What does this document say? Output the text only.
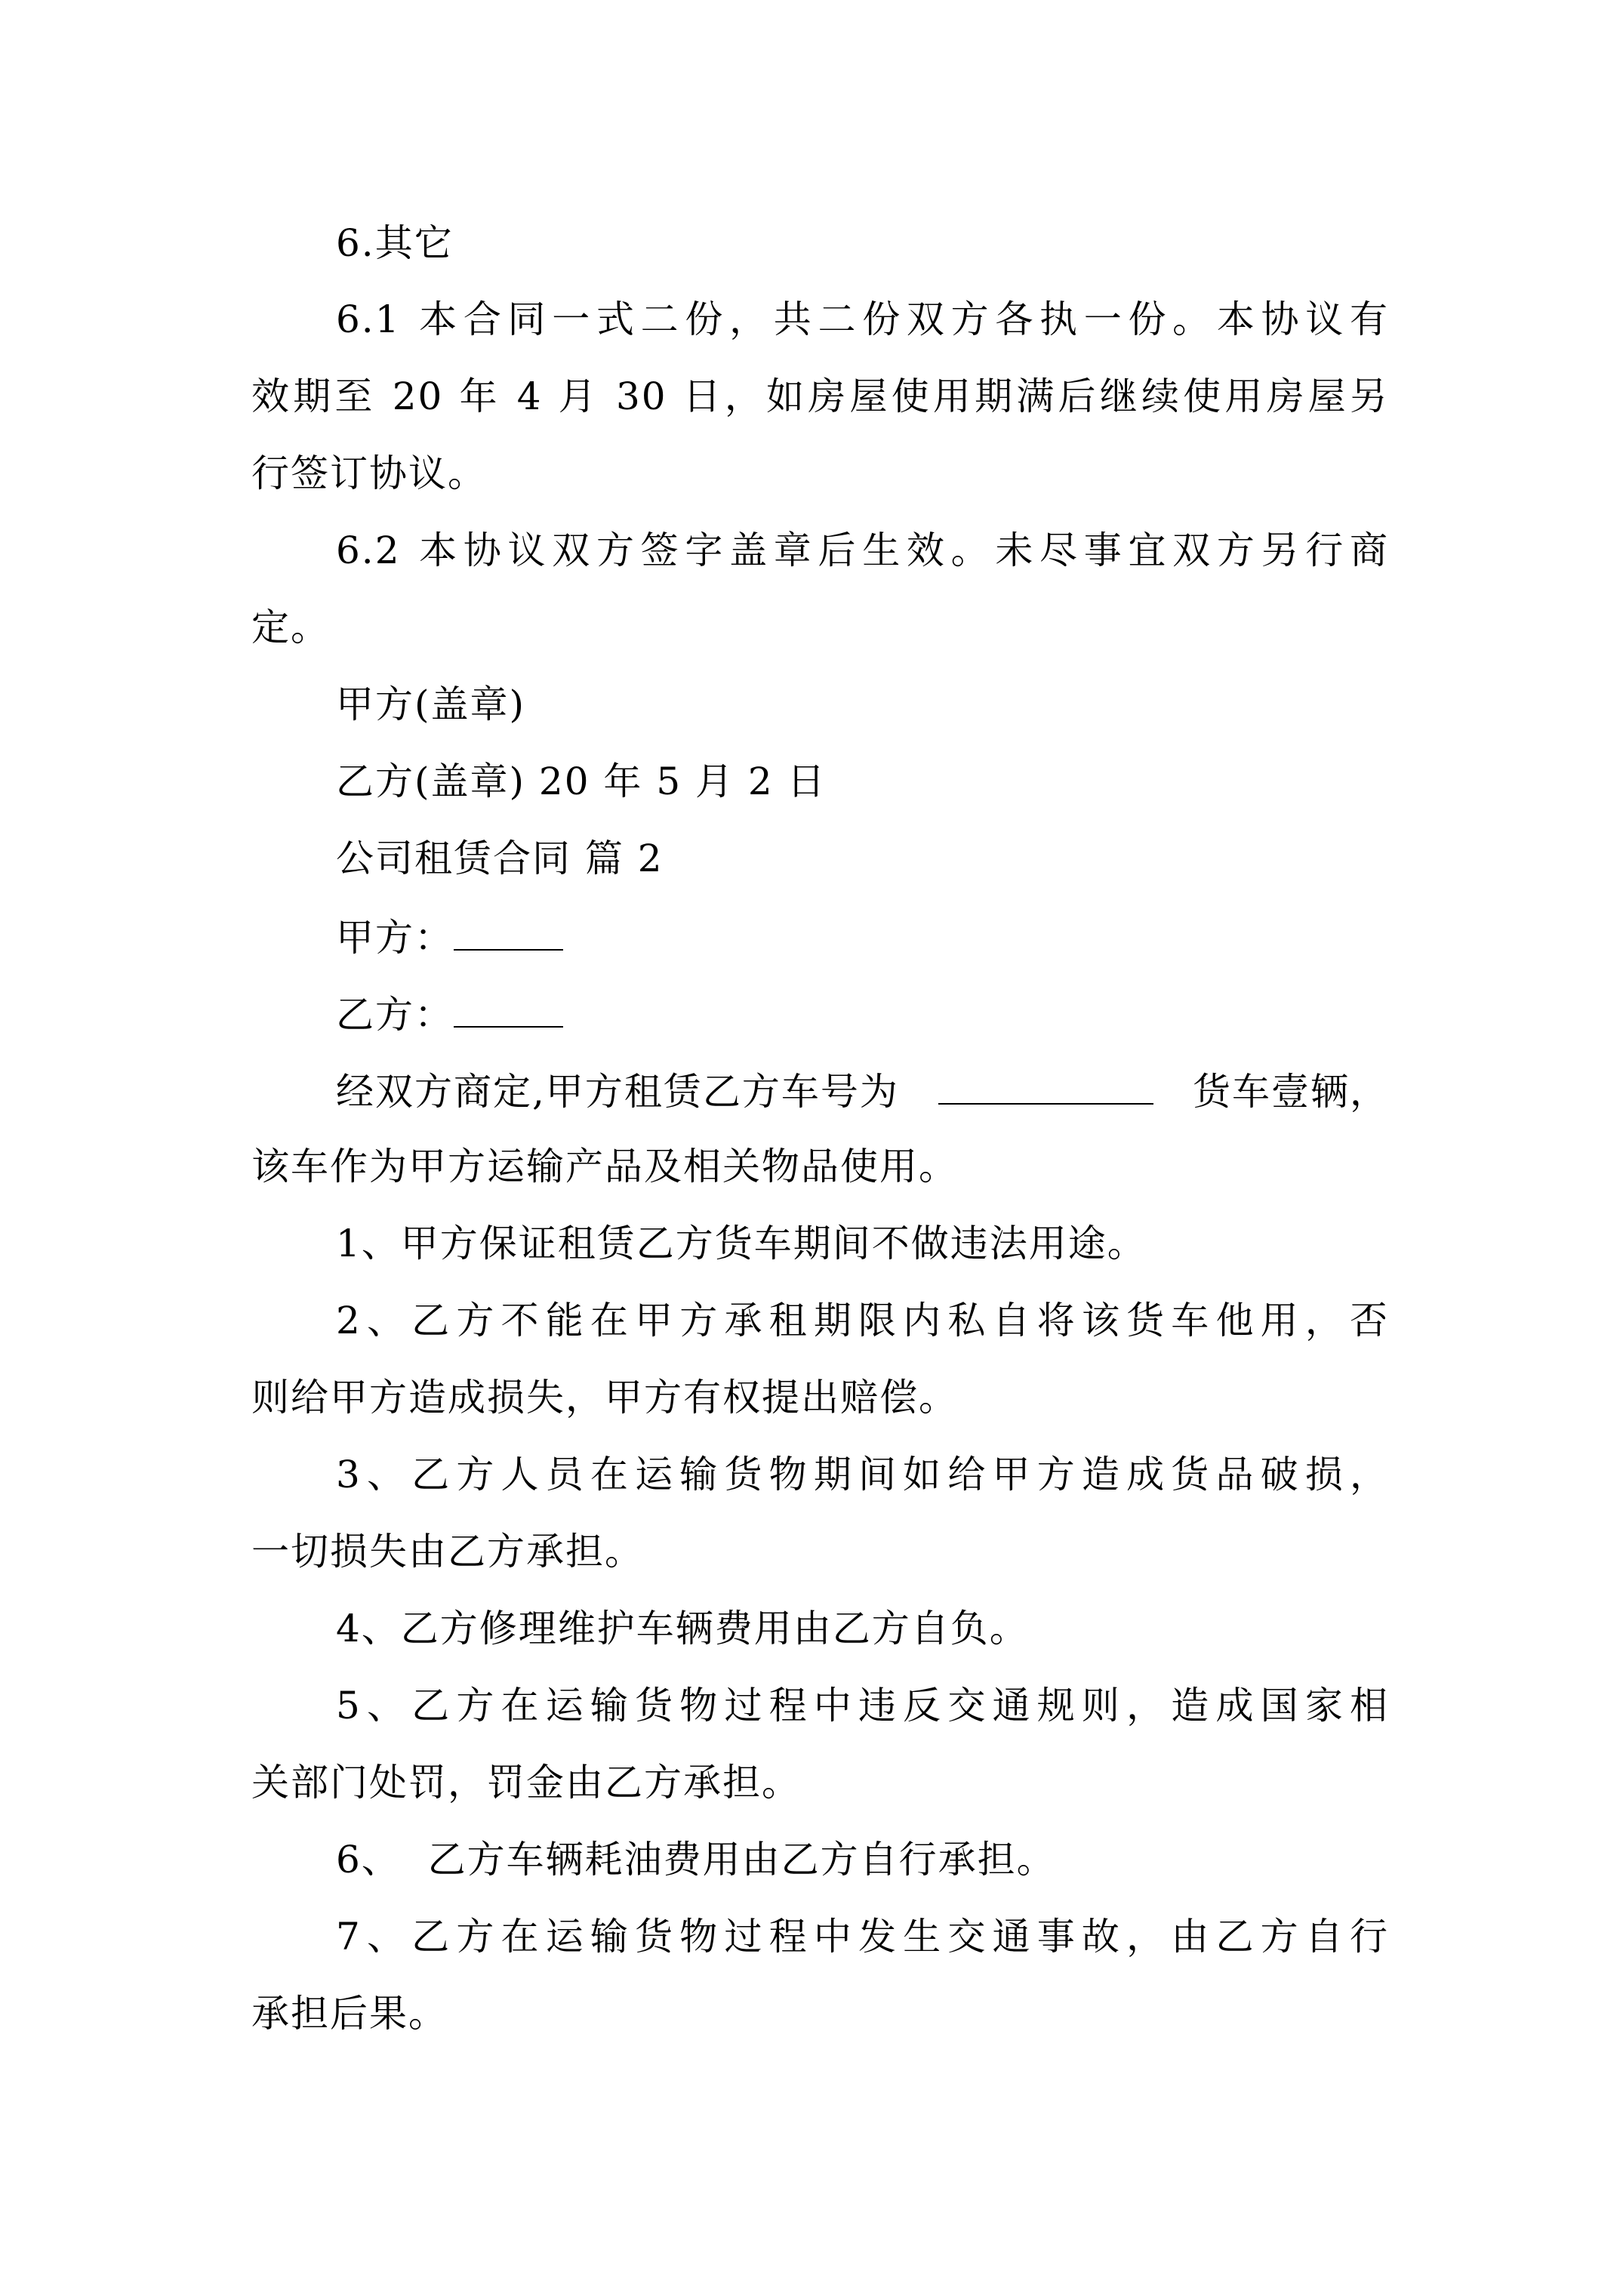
6.其它
6.1 本合同一式二份，共二份双方各执一份。本协议有
效期至 20 年 4 月 30 日，如房屋使用期满后继续使用房屋另
行签订协议。
6.2 本协议双方签字盖章后生效。未尽事宜双方另行商
定。
甲方(盖章)
乙方(盖章) 20 年 5 月 2 日
公司租赁合同 篇 2
甲方：
乙方：
经双方商定,甲方租赁乙方车号为	货车壹辆，
该车作为甲方运输产品及相关物品使用。
1、甲方保证租赁乙方货车期间不做违法用途。
2、乙方不能在甲方承租期限内私自将该货车他用，否
则给甲方造成损失，甲方有权提出赔偿。
3、乙方人员在运输货物期间如给甲方造成货品破损，
一切损失由乙方承担。
4、乙方修理维护车辆费用由乙方自负。
5、乙方在运输货物过程中违反交通规则，造成国家相
关部门处罚，罚金由乙方承担。
6、  乙方车辆耗油费用由乙方自行承担。
7、乙方在运输货物过程中发生交通事故，由乙方自行
承担后果。
